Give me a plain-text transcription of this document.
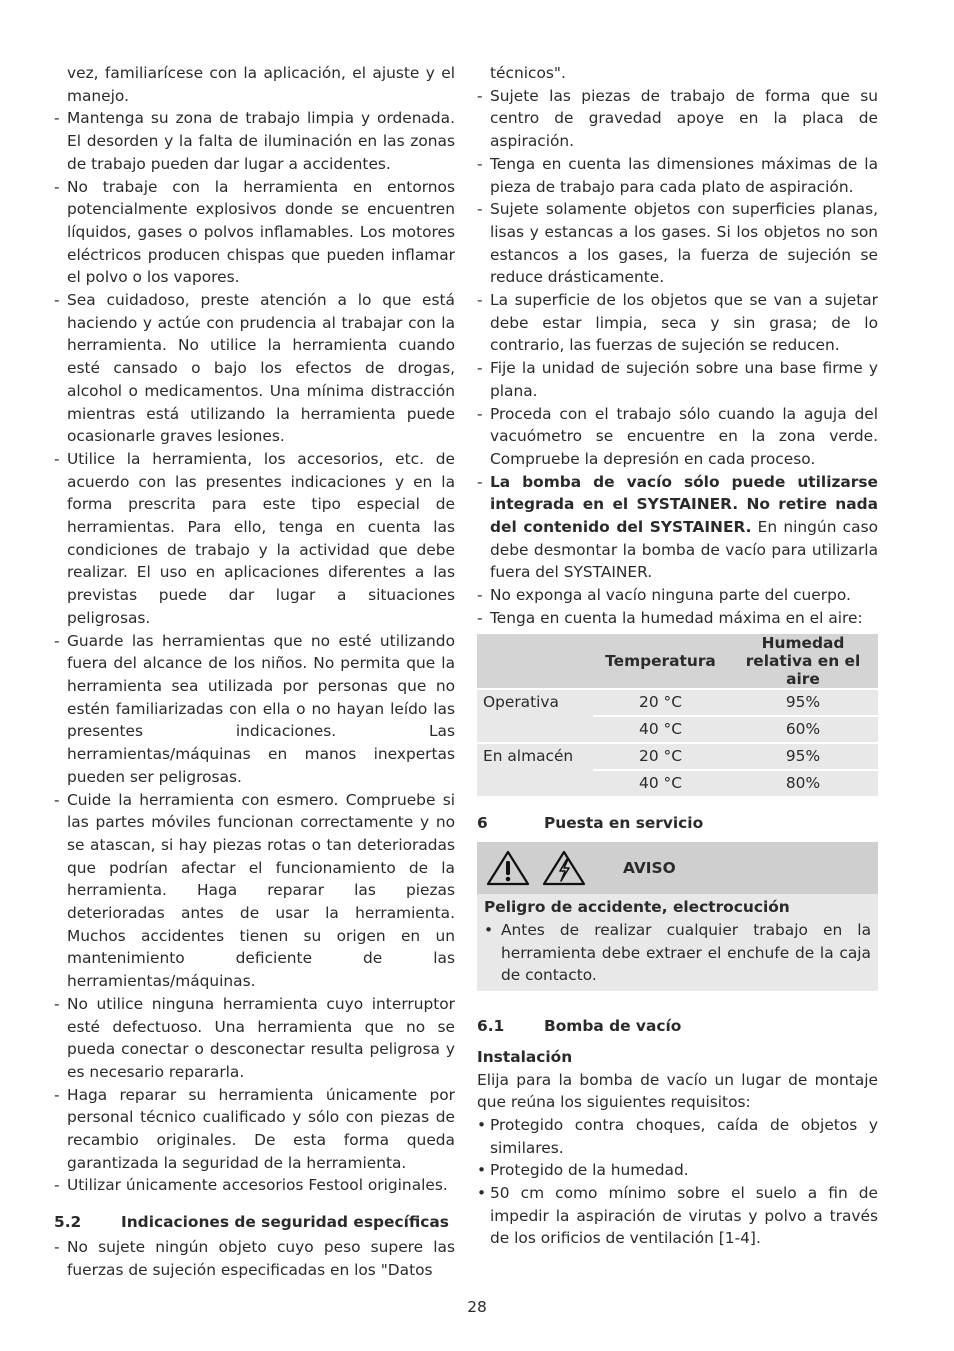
vez, familiarícese con la aplicación, el ajuste y el manejo.

- Mantenga su zona de trabajo limpia y ordenada. El desorden y la falta de iluminación en las zonas de trabajo pueden dar lugar a accidentes.
- No trabaje con la herramienta en entornos potencialmente explosivos donde se encuentren líquidos, gases o polvos inflamables. Los motores eléctricos producen chispas que pueden inflamar el polvo o los vapores.
- Sea cuidadoso, preste atención a lo que está haciendo y actúe con prudencia al trabajar con la herramienta. No utilice la herramienta cuando esté cansado o bajo los efectos de drogas, alcohol o medicamentos. Una mínima distracción mientras está utilizando la herramienta puede ocasionarle graves lesiones.
- Utilice la herramienta, los accesorios, etc. de acuerdo con las presentes indicaciones y en la forma prescrita para este tipo especial de herramientas. Para ello, tenga en cuenta las condiciones de trabajo y la actividad que debe realizar. El uso en aplicaciones diferentes a las previstas puede dar lugar a situaciones peligrosas.
- Guarde las herramientas que no esté utilizando fuera del alcance de los niños. No permita que la herramienta sea utilizada por personas que no estén familiarizadas con ella o no hayan leído las presentes indicaciones. Las herramientas/máquinas en manos inexpertas pueden ser peligrosas.
- Cuide la herramienta con esmero. Compruebe si las partes móviles funcionan correctamente y no se atascan, si hay piezas rotas o tan deterioradas que podrían afectar el funcionamiento de la herramienta. Haga reparar las piezas deterioradas antes de usar la herramienta. Muchos accidentes tienen su origen en un mantenimiento deficiente de las herramientas/máquinas.
- No utilice ninguna herramienta cuyo interruptor esté defectuoso. Una herramienta que no se pueda conectar o desconectar resulta peligrosa y es necesario repararla.
- Haga reparar su herramienta únicamente por personal técnico cualificado y sólo con piezas de recambio originales. De esta forma queda garantizada la seguridad de la herramienta.
- Utilizar únicamente accesorios Festool originales.
5.2	Indicaciones de seguridad específicas
- No sujete ningún objeto cuyo peso supere las fuerzas de sujeción especificadas en los "Datos

técnicos".

- Sujete las piezas de trabajo de forma que su centro de gravedad apoye en la placa de aspiración.
- Tenga en cuenta las dimensiones máximas de la pieza de trabajo para cada plato de aspiración.
- Sujete solamente objetos con superficies planas, lisas y estancas a los gases. Si los objetos no son estancos a los gases, la fuerza de sujeción se reduce drásticamente.
- La superficie de los objetos que se van a sujetar debe estar limpia, seca y sin grasa; de lo contrario, las fuerzas de sujeción se reducen.
- Fije la unidad de sujeción sobre una base firme y plana.
- Proceda con el trabajo sólo cuando la aguja del vacuómetro se encuentre en la zona verde. Compruebe la depresión en cada proceso.
- La bomba de vacío sólo puede utilizarse integrada en el SYSTAINER. No retire nada del contenido del SYSTAINER. En ningún caso debe desmontar la bomba de vacío para utilizarla fuera del SYSTAINER.
- No exponga al vacío ninguna parte del cuerpo.
- Tenga en cuenta la humedad máxima en el aire:
	Temperatura	Humedad relativa en el aire
Operativa	20 °C	95%
	40 °C	60%
En almacén	20 °C	95%
	40 °C	80%
6	Puesta en servicio
AVISO
Peligro de accidente, electrocución
• Antes de realizar cualquier trabajo en la herramienta debe extraer el enchufe de la caja de contacto.
6.1	Bomba de vacío
Instalación

Elija para la bomba de vacío un lugar de montaje que reúna los siguientes requisitos:

• Protegido contra choques, caída de objetos y similares.
• Protegido de la humedad.
• 50 cm como mínimo sobre el suelo a fin de impedir la aspiración de virutas y polvo a través de los orificios de ventilación [1-4].
28
